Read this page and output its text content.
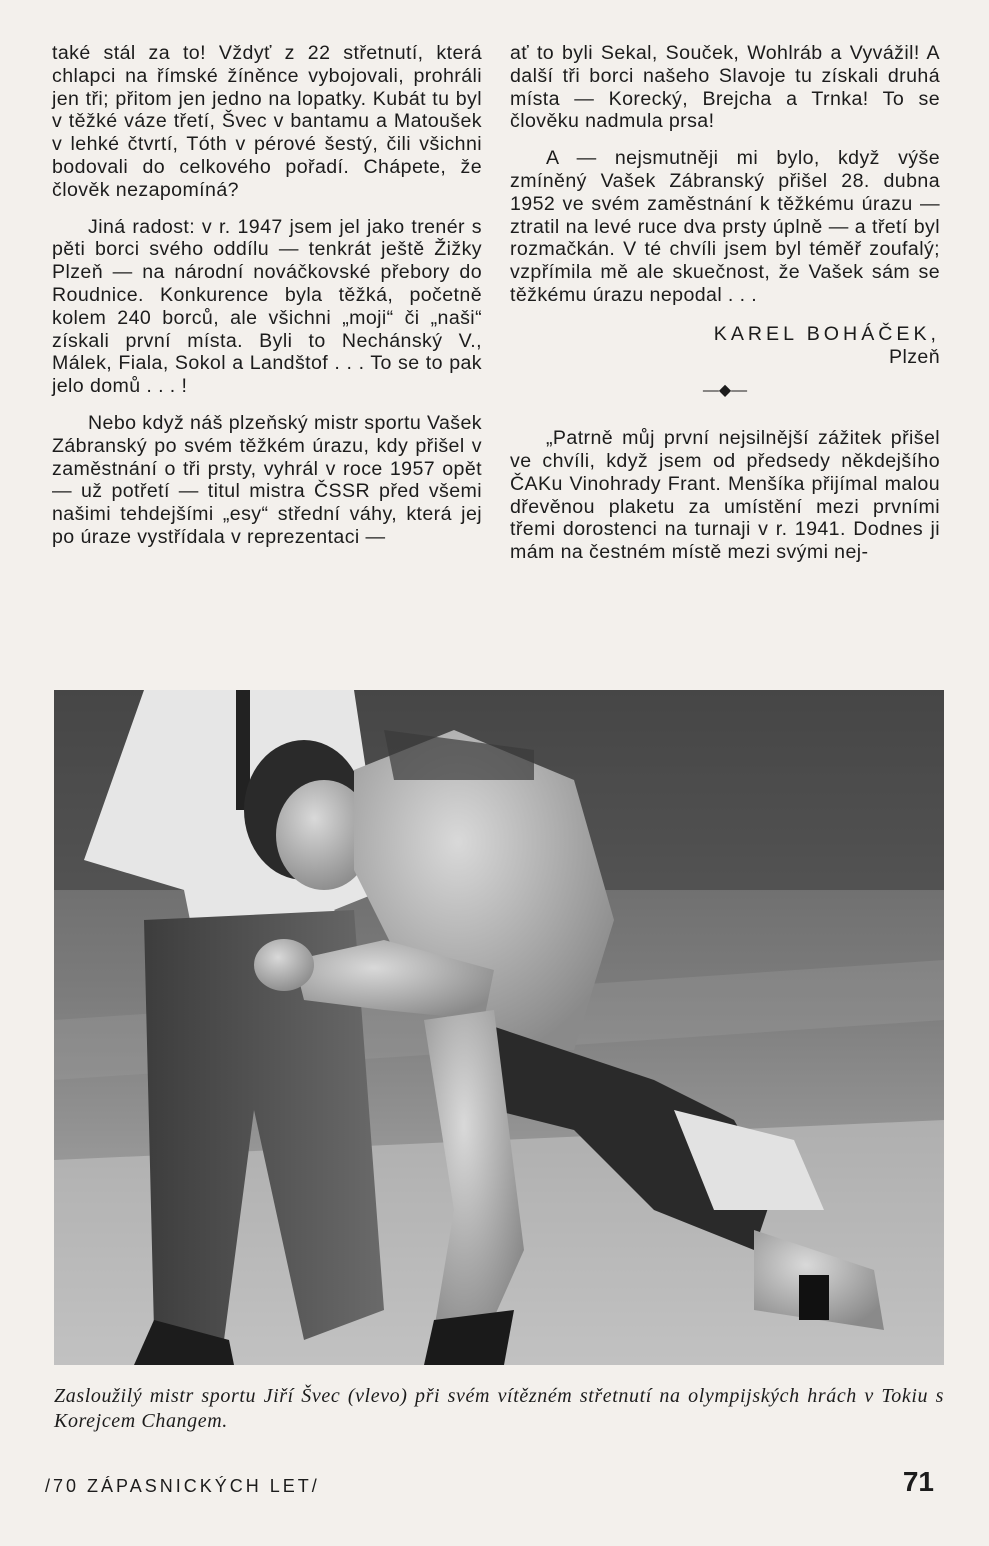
také stál za to! Vždyť z 22 střetnutí, která chlapci na římské žíněnce vybojovali, prohráli jen tři; přitom jen jedno na lopatky. Kubát tu byl v těžké váze třetí, Švec v bantamu a Matoušek v lehké čtvrtí, Tóth v pérové šestý, čili všichni bodovali do celkového pořadí. Chápete, že člověk nezapomíná?

Jiná radost: v r. 1947 jsem jel jako trenér s pěti borci svého oddílu — tenkrát ještě Žižky Plzeň — na národní nováčkovské přebory do Roudnice. Konkurence byla těžká, početně kolem 240 borců, ale všichni „moji“ či „naši“ získali první místa. Byli to Nechánský V., Málek, Fiala, Sokol a Landštof . . . To se to pak jelo domů . . . !

Nebo když náš plzeňský mistr sportu Vašek Zábranský po svém těžkém úrazu, kdy přišel v zaměstnání o tři prsty, vyhrál v roce 1957 opět — už potřetí — titul mistra ČSSR před všemi našimi tehdejšími „esy“ střední váhy, která jej po úraze vystřídala v reprezentaci —

ať to byli Sekal, Souček, Wohlráb a Vyvážil! A další tři borci našeho Slavoje tu získali druhá místa — Korecký, Brejcha a Trnka! To se člověku nadmula prsa!

A — nejsmutněji mi bylo, když výše zmíněný Vašek Zábranský přišel 28. dubna 1952 ve svém zaměstnání k těžkému úrazu — ztratil na levé ruce dva prsty úplně — a třetí byl rozmačkán. V té chvíli jsem byl téměř zoufalý; vzpřímila mě ale skuečnost, že Vašek sám se těžkému úrazu nepodal . . .

KAREL BOHÁČEK,
Plzeň
—◆—

„Patrně můj první nejsilnější zážitek přišel ve chvíli, když jsem od předsedy někdejšího ČAKu Vinohrady Frant. Menšíka přijímal malou dřevěnou plaketu za umístění mezi prvními třemi dorostenci na turnaji v r. 1941. Dodnes ji mám na čestném místě mezi svými nej-

Zasloužilý mistr sportu Jiří Švec (vlevo) při svém vítězném střetnutí na olympijských hrách v Tokiu s Korejcem Changem.
/70 ZÁPASNICKÝCH LET/	71
